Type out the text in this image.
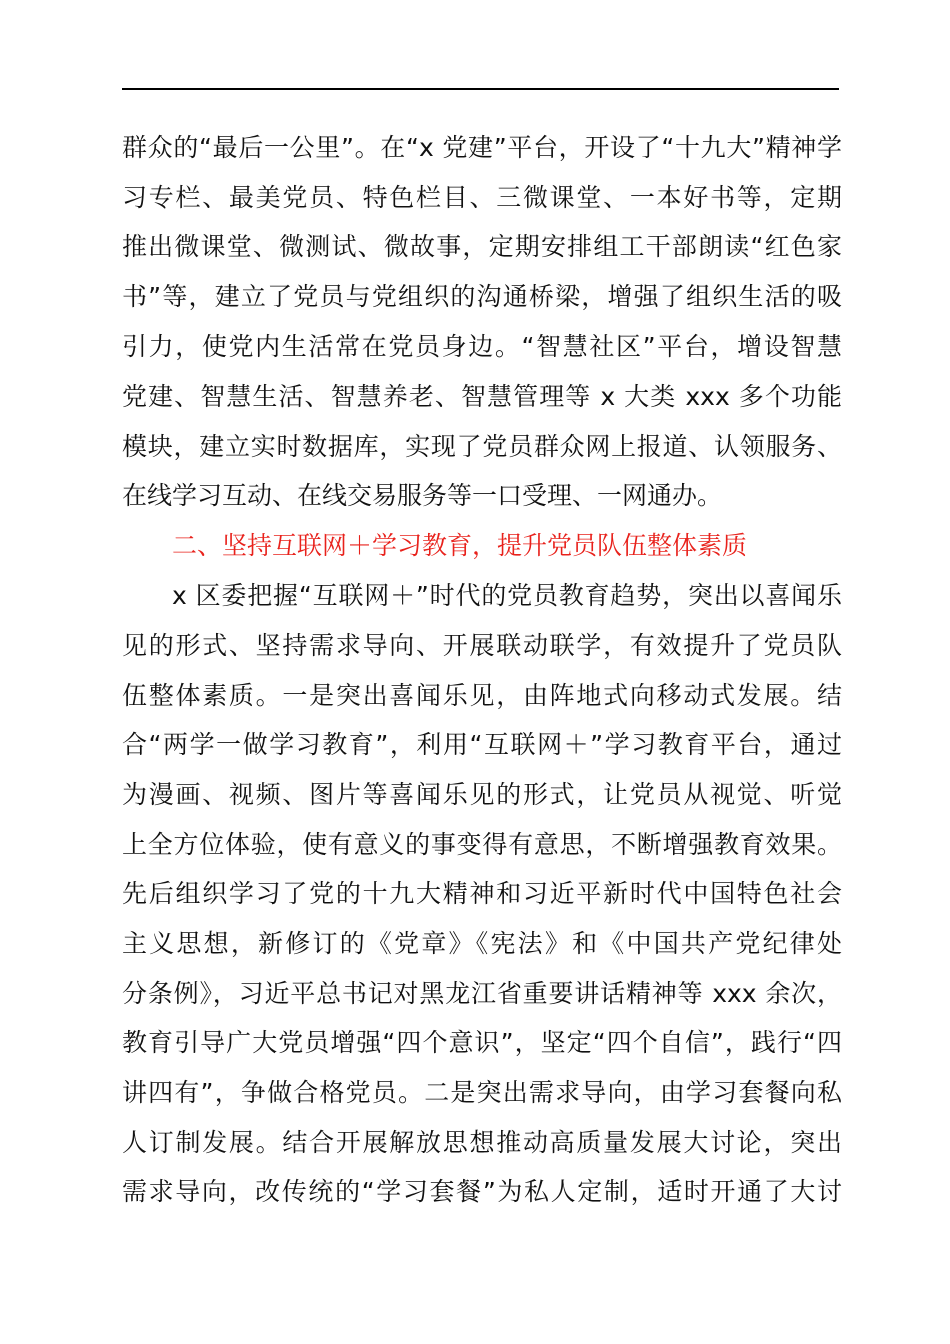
群众的“最后一公里”。在“x 党建”平台，开设了“十九大”精神学
习专栏、最美党员、特色栏目、三微课堂、一本好书等，定期
推出微课堂、微测试、微故事，定期安排组工干部朗读“红色家
书”等，建立了党员与党组织的沟通桥梁，增强了组织生活的吸
引力，使党内生活常在党员身边。“智慧社区”平台，增设智慧
党建、智慧生活、智慧养老、智慧管理等 x 大类 xxx 多个功能
模块，建立实时数据库，实现了党员群众网上报道、认领服务、
在线学习互动、在线交易服务等一口受理、一网通办。
二、坚持互联网＋学习教育，提升党员队伍整体素质
x 区委把握“互联网＋”时代的党员教育趋势，突出以喜闻乐
见的形式、坚持需求导向、开展联动联学，有效提升了党员队
伍整体素质。一是突出喜闻乐见，由阵地式向移动式发展。结
合“两学一做学习教育”，利用“互联网＋”学习教育平台，通过
为漫画、视频、图片等喜闻乐见的形式，让党员从视觉、听觉
上全方位体验，使有意义的事变得有意思，不断增强教育效果。
先后组织学习了党的十九大精神和习近平新时代中国特色社会
主义思想，新修订的《党章》《宪法》和《中国共产党纪律处
分条例》，习近平总书记对黑龙江省重要讲话精神等 xxx 余次，
教育引导广大党员增强“四个意识”，坚定“四个自信”，践行“四
讲四有”，争做合格党员。二是突出需求导向，由学习套餐向私
人订制发展。结合开展解放思想推动高质量发展大讨论，突出
需求导向，改传统的“学习套餐”为私人定制，适时开通了大讨
